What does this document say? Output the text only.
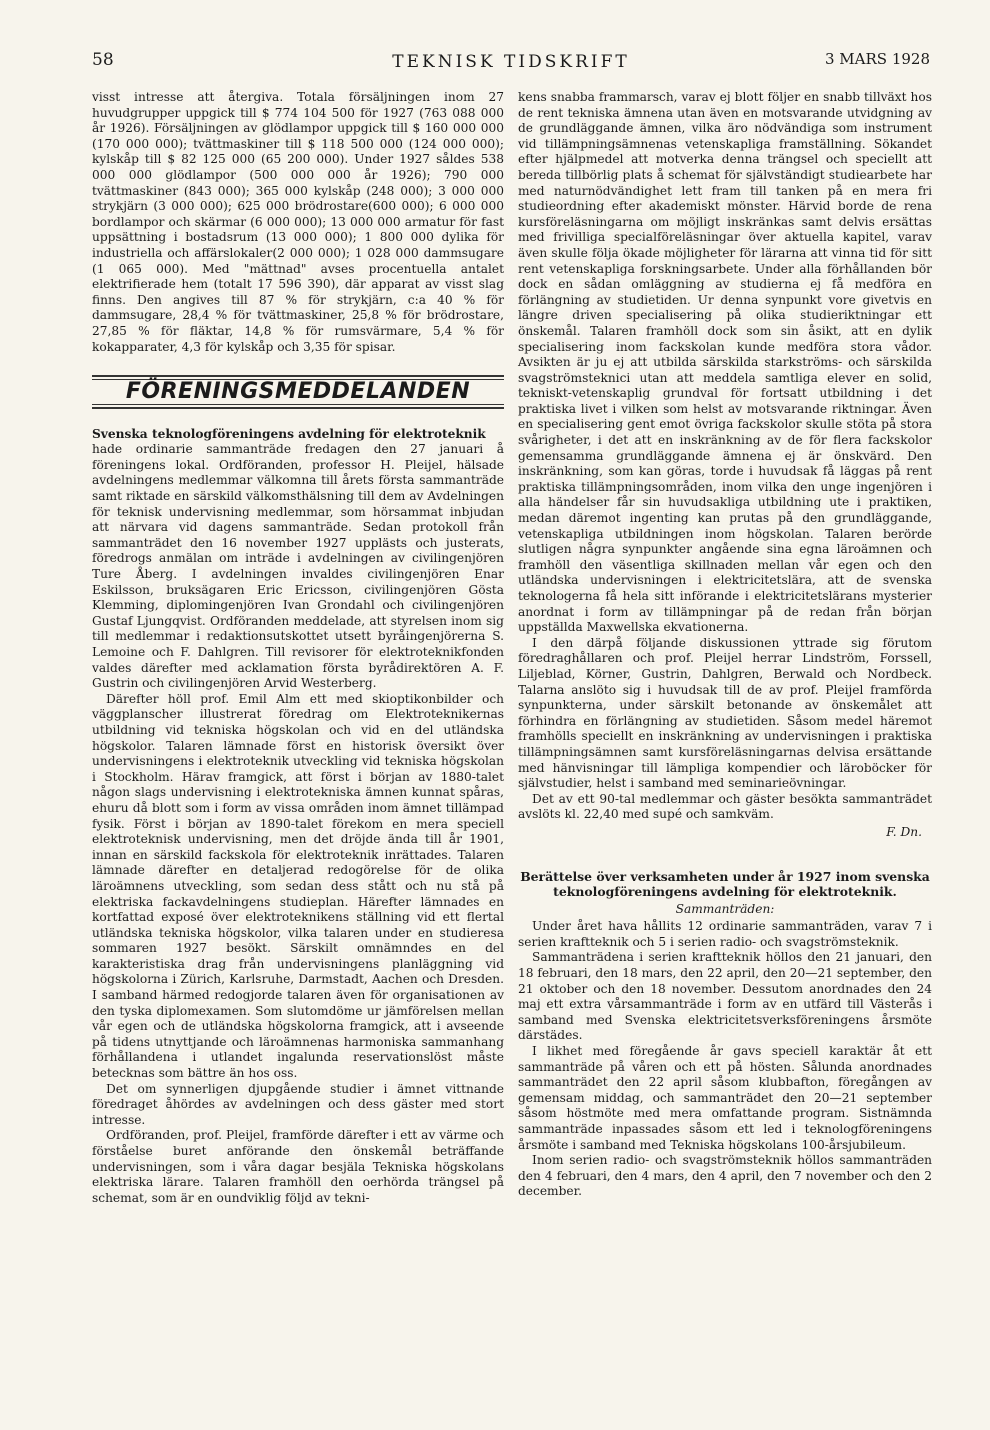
58	TEKNISK TIDSKRIFT	3 MARS 1928

visst intresse att återgiva. Totala försäljningen inom 27 huvudgrupper uppgick till $ 774 104 500 för 1927 (763 088 000 år 1926). Försäljningen av glödlampor uppgick till $ 160 000 000 (170 000 000); tvättmaskiner till $ 118 500 000 (124 000 000); kylskåp till $ 82 125 000 (65 200 000). Under 1927 såldes 538 000 000 glödlampor (500 000 000 år 1926); 790 000 tvättmaskiner (843 000); 365 000 kylskåp (248 000); 3 000 000 strykjärn (3 000 000); 625 000 brödrostare(600 000); 6 000 000 bordlampor och skärmar (6 000 000); 13 000 000 armatur för fast uppsättning i bostadsrum (13 000 000); 1 800 000 dylika för industriella och affärslokaler(2 000 000); 1 028 000 dammsugare (1 065 000). Med "mättnad" avses procentuella antalet elektrifierade hem (totalt 17 596 390), där apparat av visst slag finns. Den angives till 87 % för strykjärn, c:a 40 % för dammsugare, 28,4 % för tvättmaskiner, 25,8 % för brödrostare, 27,85 % för fläktar, 14,8 % för rumsvärmare, 5,4 % för kokapparater, 4,3 för kylskåp och 3,35 för spisar.

FÖRENINGSMEDDELANDEN

Svenska teknologföreningens avdelning för elektroteknik

hade ordinarie sammanträde fredagen den 27 januari å föreningens lokal. Ordföranden, professor H. Pleijel, hälsade avdelningens medlemmar välkomna till årets första sammanträde samt riktade en särskild välkomsthälsning till dem av Avdelningen för teknisk undervisning medlemmar, som hörsammat inbjudan att närvara vid dagens sammanträde. Sedan protokoll från sammanträdet den 16 november 1927 upplästs och justerats, föredrogs anmälan om inträde i avdelningen av civilingenjören Ture Åberg. I avdelningen invaldes civilingenjören Enar Eskilsson, bruksägaren Eric Ericsson, civilingenjören Gösta Klemming, diplomingenjören Ivan Grondahl och civilingenjören Gustaf Ljungqvist. Ordföranden meddelade, att styrelsen inom sig till medlemmar i redaktionsutskottet utsett byråingenjörerna S. Lemoine och F. Dahlgren. Till revisorer för elektroteknikfonden valdes därefter med acklamation första byrådirektören A. F. Gustrin och civilingenjören Arvid Westerberg.

Därefter höll prof. Emil Alm ett med skioptikonbilder och väggplanscher illustrerat föredrag om Elektroteknikernas utbildning vid tekniska högskolan och vid en del utländska högskolor. Talaren lämnade först en historisk översikt över undervisningens i elektroteknik utveckling vid tekniska högskolan i Stockholm. Härav framgick, att först i början av 1880-talet någon slags undervisning i elektrotekniska ämnen kunnat spåras, ehuru då blott som i form av vissa områden inom ämnet tillämpad fysik. Först i början av 1890-talet förekom en mera speciell elektroteknisk undervisning, men det dröjde ända till år 1901, innan en särskild fackskola för elektroteknik inrättades. Talaren lämnade därefter en detaljerad redogörelse för de olika läroämnens utveckling, som sedan dess stått och nu stå på elektriska fackavdelningens studieplan. Härefter lämnades en kortfattad exposé över elektroteknikens ställning vid ett flertal utländska tekniska högskolor, vilka talaren under en studieresa sommaren 1927 besökt. Särskilt omnämndes en del karakteristiska drag från undervisningens planläggning vid högskolorna i Zürich, Karlsruhe, Darmstadt, Aachen och Dresden. I samband härmed redogjorde talaren även för organisationen av den tyska diplomexamen. Som slutomdöme ur jämförelsen mellan vår egen och de utländska högskolorna framgick, att i avseende på tidens utnyttjande och läroämnenas harmoniska sammanhang förhållandena i utlandet ingalunda reservationslöst måste betecknas som bättre än hos oss.

Det om synnerligen djupgående studier i ämnet vittnande föredraget åhördes av avdelningen och dess gäster med stort intresse.

Ordföranden, prof. Pleijel, framförde därefter i ett av värme och förståelse buret anförande den önskemål beträffande undervisningen, som i våra dagar besjäla Tekniska högskolans elektriska lärare. Talaren framhöll den oerhörda trängsel på schemat, som är en oundviklig följd av tekni-

kens snabba frammarsch, varav ej blott följer en snabb tillväxt hos de rent tekniska ämnena utan även en motsvarande utvidgning av de grundläggande ämnen, vilka äro nödvändiga som instrument vid tillämpningsämnenas vetenskapliga framställning. Sökandet efter hjälpmedel att motverka denna trängsel och speciellt att bereda tillbörlig plats å schemat för självständigt studiearbete har med naturnödvändighet lett fram till tanken på en mera fri studieordning efter akademiskt mönster. Härvid borde de rena kursföreläsningarna om möjligt inskränkas samt delvis ersättas med frivilliga specialföreläsningar över aktuella kapitel, varav även skulle följa ökade möjligheter för lärarna att vinna tid för sitt rent vetenskapliga forskningsarbete. Under alla förhållanden bör dock en sådan omläggning av studierna ej få medföra en förlängning av studietiden. Ur denna synpunkt vore givetvis en längre driven specialisering på olika studieriktningar ett önskemål. Talaren framhöll dock som sin åsikt, att en dylik specialisering inom fackskolan kunde medföra stora vådor. Avsikten är ju ej att utbilda särskilda starkströms- och särskilda svagströmsteknici utan att meddela samtliga elever en solid, tekniskt-vetenskaplig grundval för fortsatt utbildning i det praktiska livet i vilken som helst av motsvarande riktningar. Även en specialisering gent emot övriga fackskolor skulle stöta på stora svårigheter, i det att en inskränkning av de för flera fackskolor gemensamma grundläggande ämnena ej är önskvärd. Den inskränkning, som kan göras, torde i huvudsak få läggas på rent praktiska tillämpningsområden, inom vilka den unge ingenjören i alla händelser får sin huvudsakliga utbildning ute i praktiken, medan däremot ingenting kan prutas på den grundläggande, vetenskapliga utbildningen inom högskolan. Talaren berörde slutligen några synpunkter angående sina egna läroämnen och framhöll den väsentliga skillnaden mellan vår egen och den utländska undervisningen i elektricitetslära, att de svenska teknologerna få hela sitt införande i elektricitetslärans mysterier anordnat i form av tillämpningar på de redan från början uppställda Maxwellska ekvationerna.

I den därpå följande diskussionen yttrade sig förutom föredraghållaren och prof. Pleijel herrar Lindström, Forssell, Liljeblad, Körner, Gustrin, Dahlgren, Berwald och Nordbeck. Talarna anslöto sig i huvudsak till de av prof. Pleijel framförda synpunkterna, under särskilt betonande av önskemålet att förhindra en förlängning av studietiden. Såsom medel häremot framhölls speciellt en inskränkning av undervisningen i praktiska tillämpningsämnen samt kursföreläsningarnas delvisa ersättande med hänvisningar till lämpliga kompendier och läroböcker för självstudier, helst i samband med seminarieövningar.

Det av ett 90-tal medlemmar och gäster besökta sammanträdet avslöts kl. 22,40 med supé och samkväm.

F. Dn.
Berättelse över verksamheten under år 1927 inom svenska teknologföreningens avdelning för elektroteknik.
Sammanträden:

Under året hava hållits 12 ordinarie sammanträden, varav 7 i serien kraftteknik och 5 i serien radio- och svagströmsteknik.

Sammanträdena i serien kraftteknik höllos den 21 januari, den 18 februari, den 18 mars, den 22 april, den 20—21 september, den 21 oktober och den 18 november. Dessutom anordnades den 24 maj ett extra vårsammanträde i form av en utfärd till Västerås i samband med Svenska elektricitetsverksföreningens årsmöte därstädes.

I likhet med föregående år gavs speciell karaktär åt ett sammanträde på våren och ett på hösten. Sålunda anordnades sammanträdet den 22 april såsom klubbafton, föregången av gemensam middag, och sammanträdet den 20—21 september såsom höstmöte med mera omfattande program. Sistnämnda sammanträde inpassades såsom ett led i teknologföreningens årsmöte i samband med Tekniska högskolans 100-årsjubileum.

Inom serien radio- och svagströmsteknik höllos sammanträden den 4 februari, den 4 mars, den 4 april, den 7 november och den 2 december.
